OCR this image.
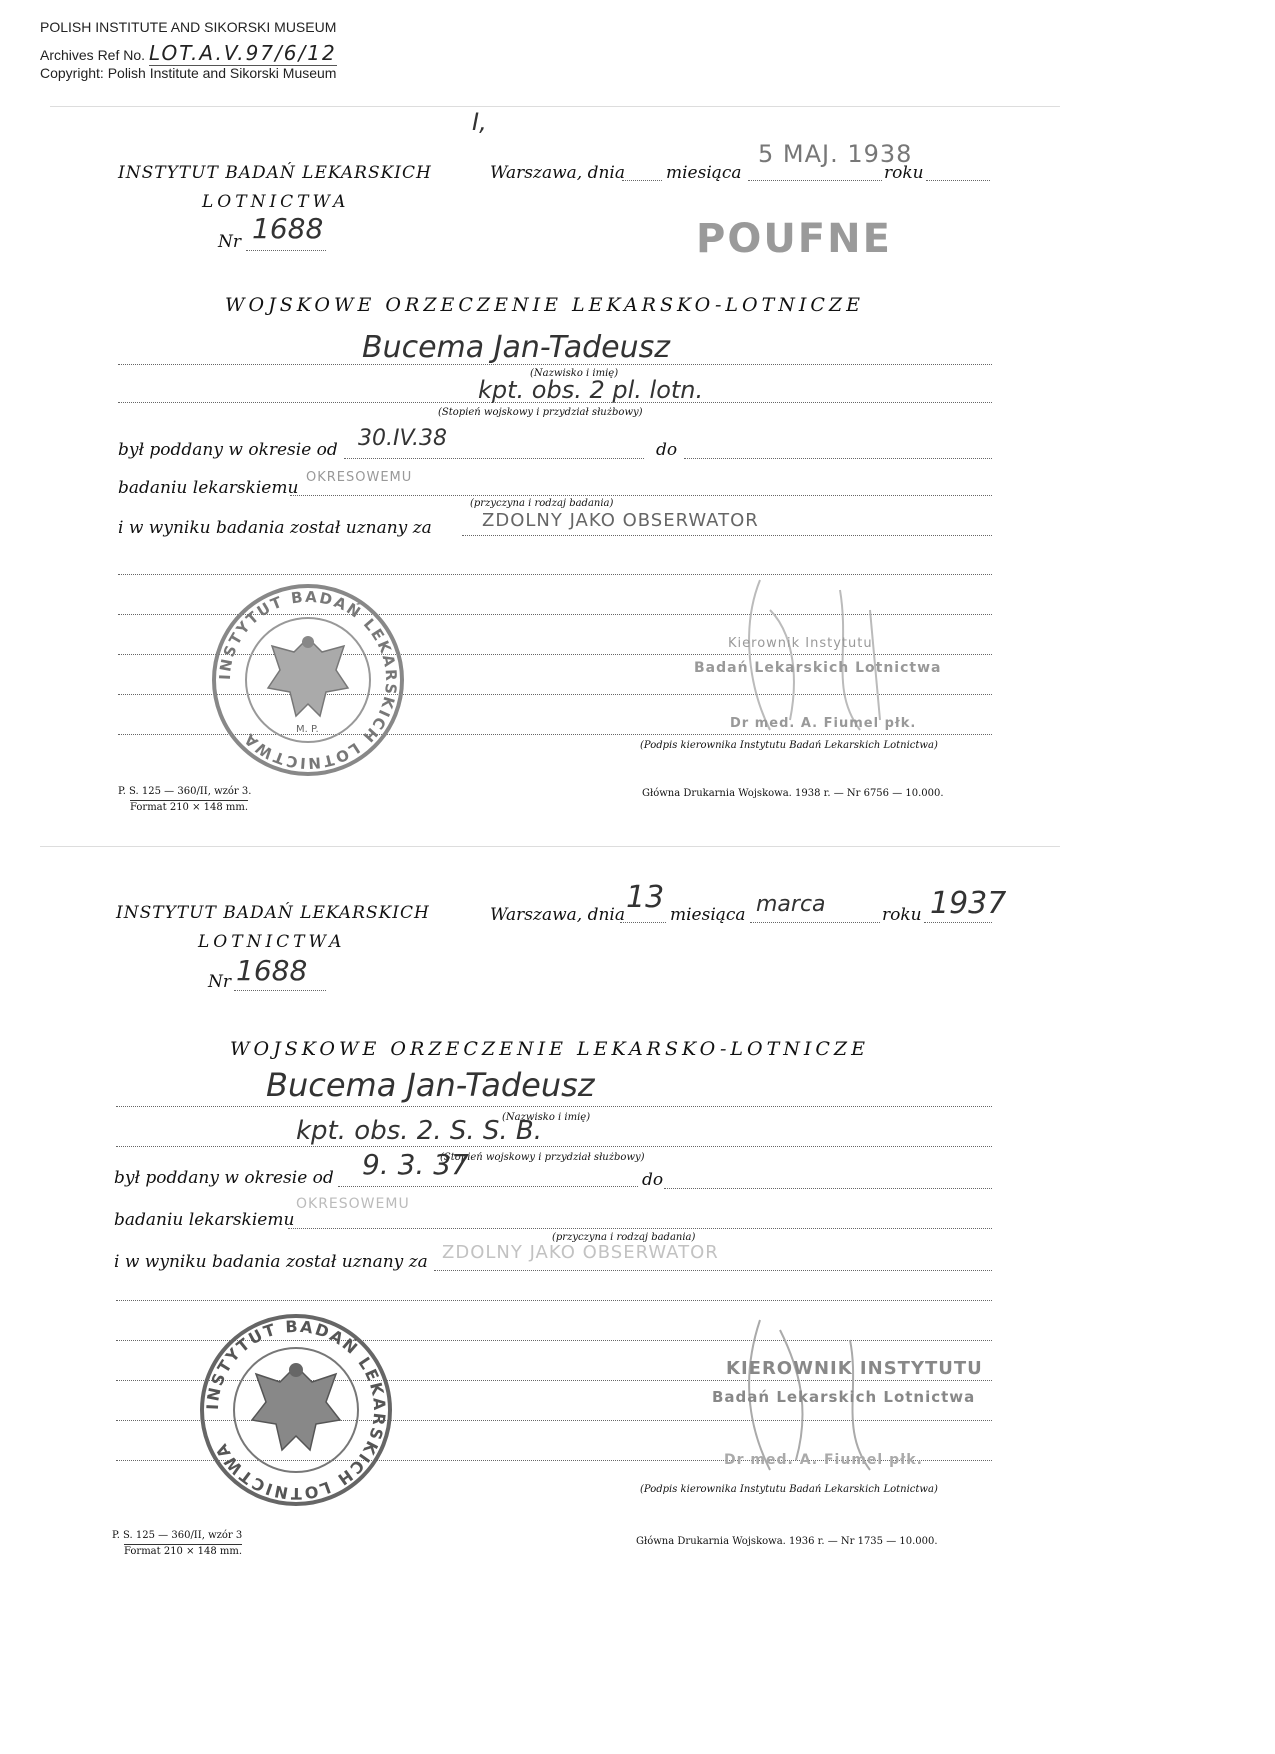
POLISH INSTITUTE AND SIKORSKI MUSEUM
Archives Ref No. LOT.A.V.97/6/12
Copyright: Polish Institute and Sikorski Museum
I,
INSTYTUT BADAŃ LEKARSKICH
LOTNICTWA
Nr 1688
Warszawa, dnia miesiąca	roku
5 MAJ. 1938
POUFNE
WOJSKOWE ORZECZENIE LEKARSKO-LOTNICZE
Bucema Jan-Tadeusz
(Nazwisko i imię)
kpt. obs. 2 pl. lotn.
(Stopień wojskowy i przydział służbowy)
był poddany w okresie od 30.IV.38	do
badaniu lekarskiemu
OKRESOWEMU
(przyczyna i rodzaj badania)
i w wyniku badania został uznany za	ZDOLNY JAKO OBSERWATOR
INSTYTUT BADAŃ LEKARSKICH LOTNICTWA	M. P.
Kierownik Instytutu
Badań Lekarskich Lotnictwa
Dr med. A. Fiumel płk.
(Podpis kierownika Instytutu Badań Lekarskich Lotnictwa)
P. S. 125 — 360/II, wzór 3.
Format 210 × 148 mm.
Główna Drukarnia Wojskowa. 1938 r. — Nr 6756 — 10.000.
INSTYTUT BADAŃ LEKARSKICH
LOTNICTWA
Nr 1688
Warszawa, dnia 13 miesiąca marca	roku 1937
WOJSKOWE ORZECZENIE LEKARSKO-LOTNICZE
Bucema Jan-Tadeusz
(Nazwisko i imię)
kpt. obs. 2. S. S. B.
(Stopień wojskowy i przydział służbowy)
był poddany w okresie od 9. 3. 37	do
badaniu lekarskiemu
OKRESOWEMU
(przyczyna i rodzaj badania)
i w wyniku badania został uznany za ZDOLNY JAKO OBSERWATOR
INSTYTUT BADAŃ LEKARSKICH LOTNICTWA
KIEROWNIK INSTYTUTU
Badań Lekarskich Lotnictwa
Dr med. A. Fiumel płk.
(Podpis kierownika Instytutu Badań Lekarskich Lotnictwa)
P. S. 125 — 360/II, wzór 3
Format 210 × 148 mm.
Główna Drukarnia Wojskowa. 1936 r. — Nr 1735 — 10.000.
